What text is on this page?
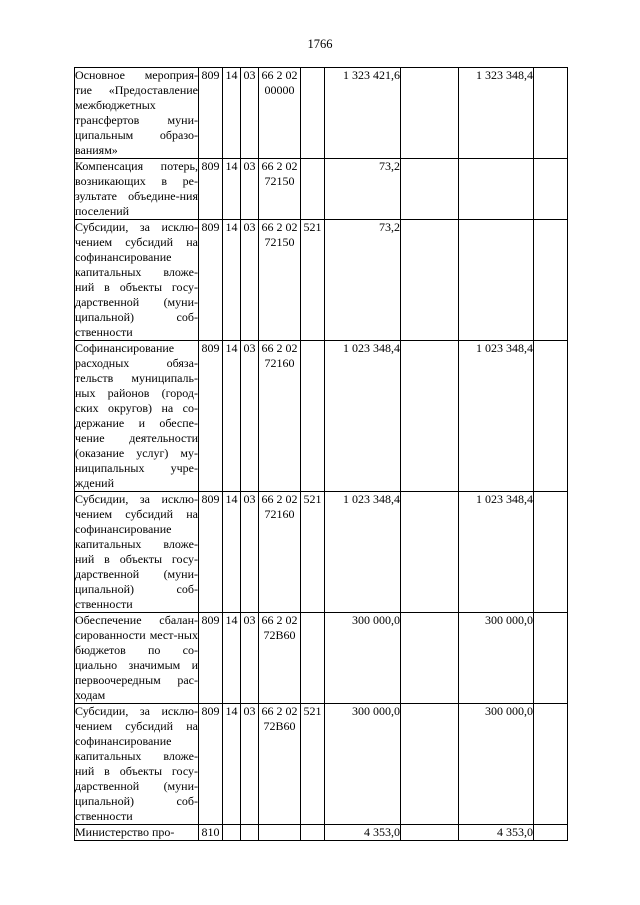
1766
Основное мероприя-тие «Предоставление межбюджетных трансфертов муни-ципальным образо-ваниям»	809	14	03	66 2 02 00000		1 323 421,6		1 323 348,4	
Компенсация потерь, возникающих в ре-зультате объедине-ния поселений	809	14	03	66 2 02 72150		73,2			
Субсидии, за исклю-чением субсидий на софинансирование капитальных вложе-ний в объекты госу-дарственной (муни-ципальной) соб-ственности	809	14	03	66 2 02 72150	521	73,2			
Софинансирование расходных обяза-тельств муниципаль-ных районов (город-ских округов) на со-держание и обеспе-чение деятельности (оказание услуг) му-ниципальных учре-ждений	809	14	03	66 2 02 72160		1 023 348,4		1 023 348,4	
Субсидии, за исклю-чением субсидий на софинансирование капитальных вложе-ний в объекты госу-дарственной (муни-ципальной) соб-ственности	809	14	03	66 2 02 72160	521	1 023 348,4		1 023 348,4	
Обеспечение сбалан-сированности мест-ных бюджетов по со-циально значимым и первоочередным рас-ходам	809	14	03	66 2 02 72В60		300 000,0		300 000,0	
Субсидии, за исклю-чением субсидий на софинансирование капитальных вложе-ний в объекты госу-дарственной (муни-ципальной) соб-ственности	809	14	03	66 2 02 72В60	521	300 000,0		300 000,0	
Министерство про-	810					4 353,0		4 353,0	
